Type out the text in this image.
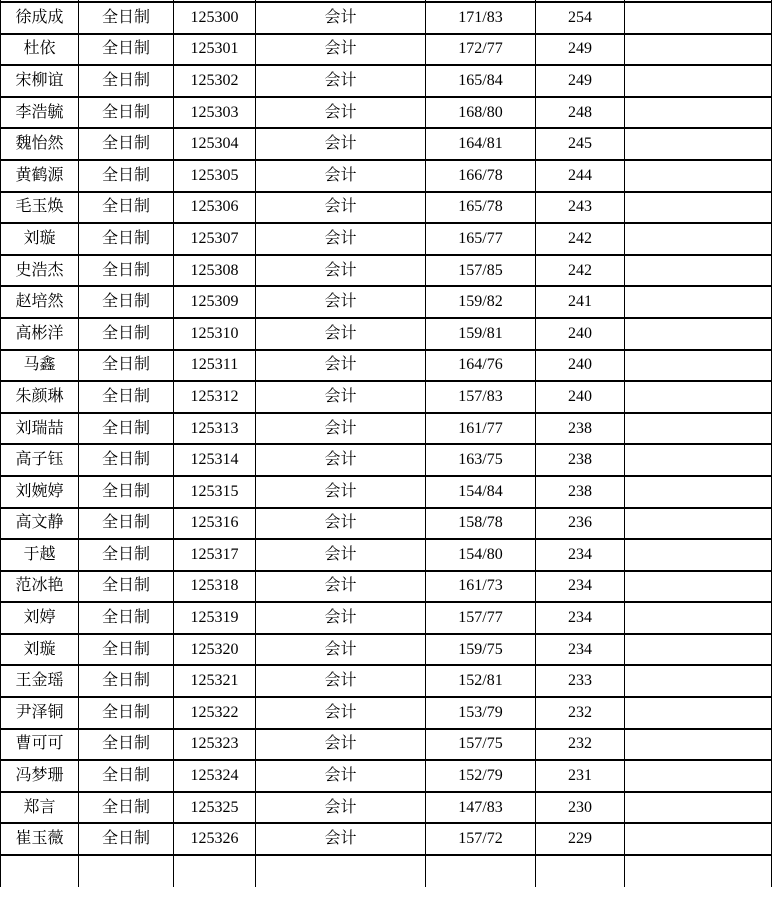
徐成成	全日制	125300	会计	171/83	254	
杜依	全日制	125301	会计	172/77	249	
宋柳谊	全日制	125302	会计	165/84	249	
李浩毓	全日制	125303	会计	168/80	248	
魏怡然	全日制	125304	会计	164/81	245	
黄鹤源	全日制	125305	会计	166/78	244	
毛玉焕	全日制	125306	会计	165/78	243	
刘璇	全日制	125307	会计	165/77	242	
史浩杰	全日制	125308	会计	157/85	242	
赵培然	全日制	125309	会计	159/82	241	
高彬洋	全日制	125310	会计	159/81	240	
马鑫	全日制	125311	会计	164/76	240	
朱颜琳	全日制	125312	会计	157/83	240	
刘瑞喆	全日制	125313	会计	161/77	238	
高子钰	全日制	125314	会计	163/75	238	
刘婉婷	全日制	125315	会计	154/84	238	
高文静	全日制	125316	会计	158/78	236	
于越	全日制	125317	会计	154/80	234	
范冰艳	全日制	125318	会计	161/73	234	
刘婷	全日制	125319	会计	157/77	234	
刘璇	全日制	125320	会计	159/75	234	
王金瑶	全日制	125321	会计	152/81	233	
尹泽铜	全日制	125322	会计	153/79	232	
曹可可	全日制	125323	会计	157/75	232	
冯梦珊	全日制	125324	会计	152/79	231	
郑言	全日制	125325	会计	147/83	230	
崔玉薇	全日制	125326	会计	157/72	229	
